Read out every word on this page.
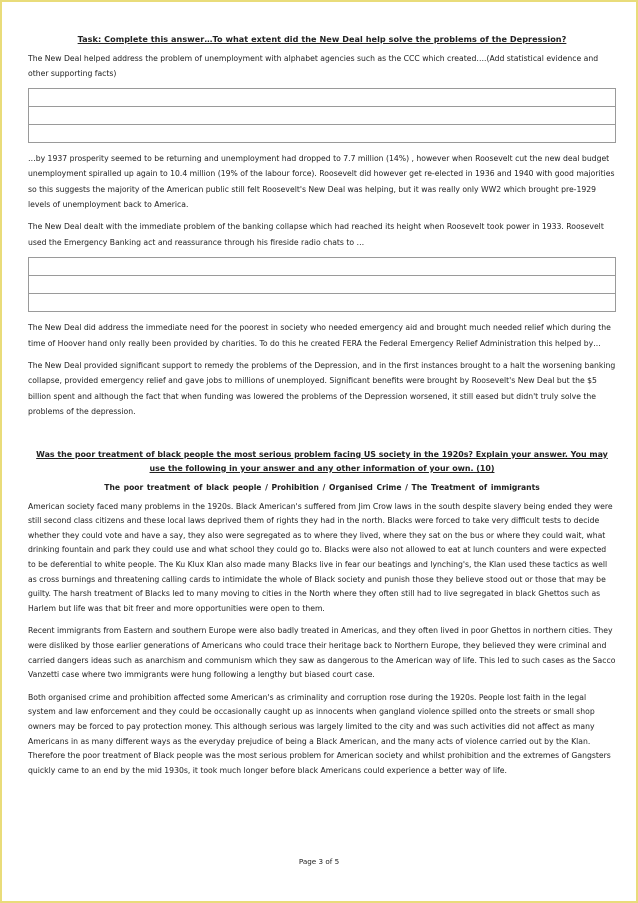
Task: Complete this answer…To what extent did the New Deal help solve the problems of the Depression?

The New Deal helped address the problem of unemployment with alphabet agencies such as the CCC which created….(Add statistical evidence and other supporting facts)

…by 1937 prosperity seemed to be returning and unemployment had dropped to 7.7 million (14%) , however when Roosevelt cut the new deal budget unemployment spiralled up again to 10.4 million (19% of the labour force). Roosevelt did however get re-elected in 1936 and 1940 with good majorities so this suggests the majority of the American public still felt Roosevelt's New Deal was helping, but it was really only WW2 which brought pre-1929 levels of unemployment back to America.

The New Deal dealt with the immediate problem of the banking collapse which had reached its height when Roosevelt took power in 1933. Roosevelt used the Emergency Banking act and reassurance through his fireside radio chats to …

The New Deal did address the immediate need for the poorest in society who needed emergency aid and brought much needed relief which during the time of Hoover hand only really been provided by charities. To do this he created FERA the Federal Emergency Relief Administration this helped by…

The New Deal provided significant support to remedy the problems of the Depression, and in the first instances brought to a halt the worsening banking collapse, provided emergency relief and gave jobs to millions of unemployed. Significant benefits were brought by Roosevelt's New Deal but the $5 billion spent and although the fact that when funding was lowered the problems of the Depression worsened, it still eased but didn't truly solve the problems of the depression.

Was the poor treatment of black people the most serious problem facing US society in the 1920s? Explain your answer. You may use the following in your answer and any other information of your own. (10)
The poor treatment of black people / Prohibition / Organised Crime / The Treatment of immigrants

American society faced many problems in the 1920s. Black American's suffered from Jim Crow laws in the south despite slavery being ended they were still second class citizens and these local laws deprived them of rights they had in the north. Blacks were forced to take very difficult tests to decide whether they could vote and have a say, they also were segregated as to where they lived, where they sat on the bus or where they could wait, what drinking fountain and park they could use and what school they could go to. Blacks were also not allowed to eat at lunch counters and were expected to be deferential to white people. The Ku Klux Klan also made many Blacks live in fear our beatings and lynching's, the Klan used these tactics as well as cross burnings and threatening calling cards to intimidate the whole of Black society and punish those they believe stood out or those that may be guilty. The harsh treatment of Blacks led to many moving to cities in the North where they often still had to live segregated in black Ghettos such as Harlem but life was that bit freer and more opportunities were open to them.

Recent immigrants from Eastern and southern Europe were also badly treated in Americas, and they often lived in poor Ghettos in northern cities. They were disliked by those earlier generations of Americans who could trace their heritage back to Northern Europe, they believed they were criminal and carried dangers ideas such as anarchism and communism which they saw as dangerous to the American way of life. This led to such cases as the Sacco Vanzetti case where two immigrants were hung following a lengthy but biased court case.

Both organised crime and prohibition affected some American's as criminality and corruption rose during the 1920s. People lost faith in the legal system and law enforcement and they could be occasionally caught up as innocents when gangland violence spilled onto the streets or small shop owners may be forced to pay protection money. This although serious was largely limited to the city and was such activities did not affect as many Americans in as many different ways as the everyday prejudice of being a Black American, and the many acts of violence carried out by the Klan. Therefore the poor treatment of Black people was the most serious problem for American society and whilst prohibition and the extremes of Gangsters quickly came to an end by the mid 1930s, it took much longer before black Americans could experience a better way of life.

Page 3 of 5
